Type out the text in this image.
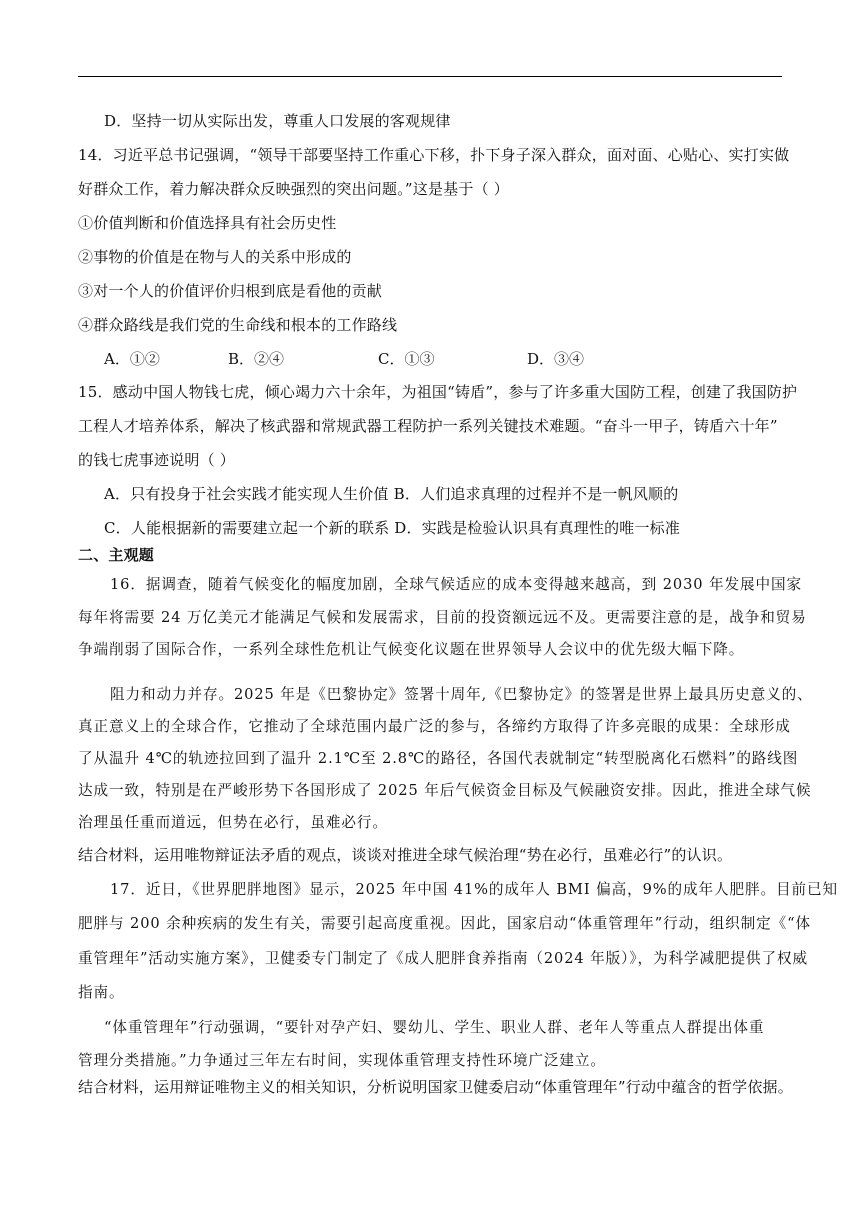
D．坚持一切从实际出发，尊重人口发展的客观规律
14．习近平总书记强调，“领导干部要坚持工作重心下移，扑下身子深入群众，面对面、心贴心、实打实做
好群众工作，着力解决群众反映强烈的突出问题。”这是基于（ ）
①价值判断和价值选择具有社会历史性
②事物的价值是在物与人的关系中形成的
③对一个人的价值评价归根到底是看他的贡献
④群众路线是我们党的生命线和根本的工作路线
A．①②	B．②④	C．①③	D．③④
15．感动中国人物钱七虎，倾心竭力六十余年，为祖国“铸盾”，参与了许多重大国防工程，创建了我国防护
工程人才培养体系，解决了核武器和常规武器工程防护一系列关键技术难题。“奋斗一甲子，铸盾六十年”
的钱七虎事迹说明（ ）
A．只有投身于社会实践才能实现人生价值 B．人们追求真理的过程并不是一帆风顺的
C．人能根据新的需要建立起一个新的联系 D．实践是检验认识具有真理性的唯一标准
二、主观题
16．据调查，随着气候变化的幅度加剧，全球气候适应的成本变得越来越高，到 2030 年发展中国家
每年将需要 24 万亿美元才能满足气候和发展需求，目前的投资额远远不及。更需要注意的是，战争和贸易
争端削弱了国际合作，一系列全球性危机让气候变化议题在世界领导人会议中的优先级大幅下降。
阻力和动力并存。2025 年是《巴黎协定》签署十周年,《巴黎协定》的签署是世界上最具历史意义的、
真正意义上的全球合作，它推动了全球范围内最广泛的参与，各缔约方取得了许多亮眼的成果：全球形成
了从温升 4℃的轨迹拉回到了温升 2.1℃至 2.8℃的路径，各国代表就制定“转型脱离化石燃料”的路线图
达成一致，特别是在严峻形势下各国形成了 2025 年后气候资金目标及气候融资安排。因此，推进全球气候
治理虽任重而道远，但势在必行，虽难必行。
结合材料，运用唯物辩证法矛盾的观点，谈谈对推进全球气候治理“势在必行，虽难必行”的认识。
17．近日，《世界肥胖地图》显示，2025 年中国 41%的成年人 BMI 偏高，9%的成年人肥胖。目前已知
肥胖与 200 余种疾病的发生有关，需要引起高度重视。因此，国家启动“体重管理年”行动，组织制定《“体
重管理年”活动实施方案》，卫健委专门制定了《成人肥胖食养指南（2024 年版）》，为科学减肥提供了权威
指南。
“体重管理年”行动强调，“要针对孕产妇、婴幼儿、学生、职业人群、老年人等重点人群提出体重
管理分类措施。”力争通过三年左右时间，实现体重管理支持性环境广泛建立。
结合材料，运用辩证唯物主义的相关知识，分析说明国家卫健委启动“体重管理年”行动中蕴含的哲学依据。
